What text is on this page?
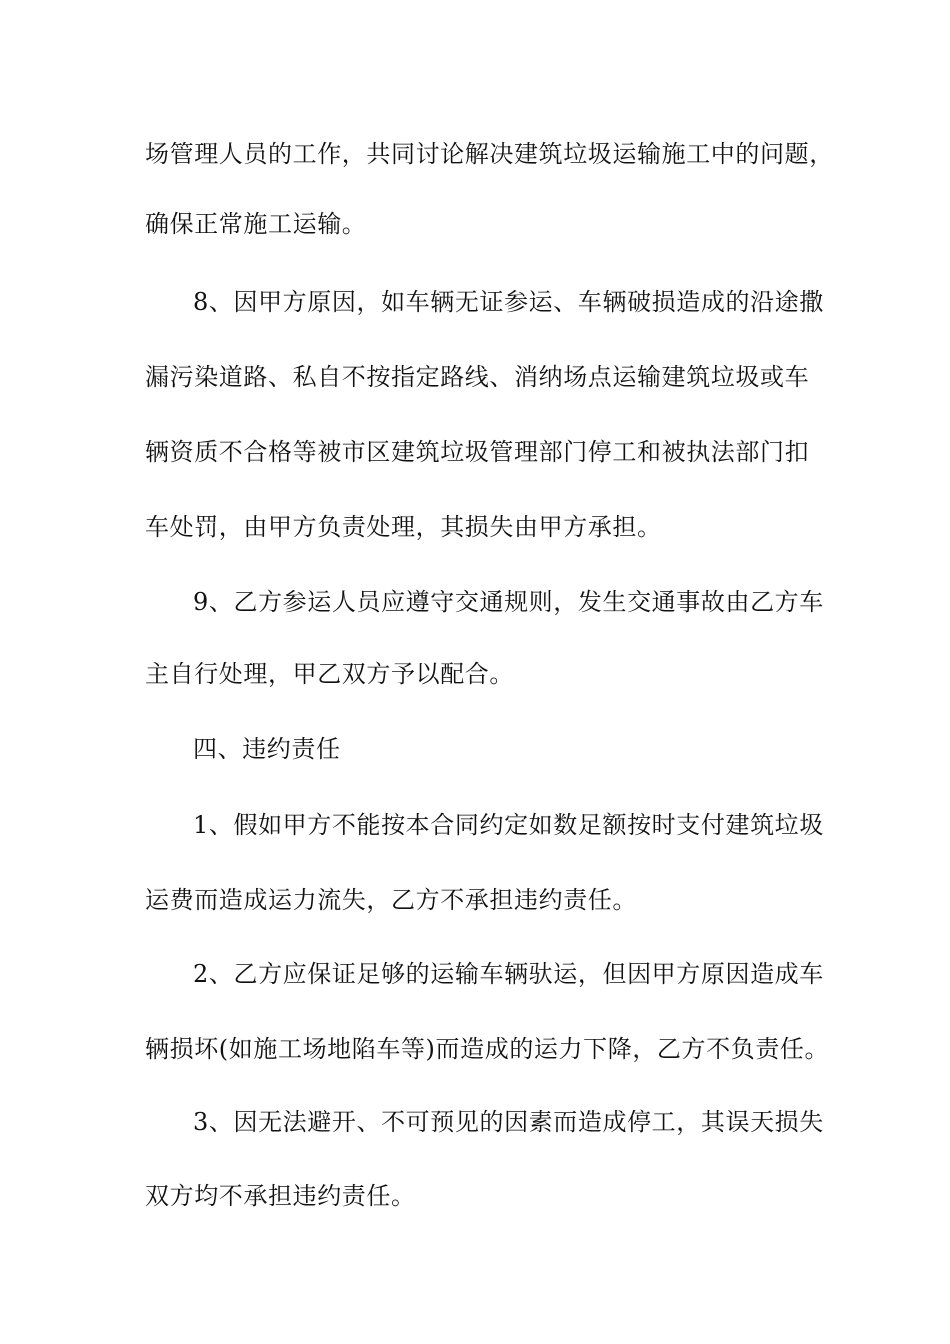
场管理人员的工作，共同讨论解决建筑垃圾运输施工中的问题，
确保正常施工运输。
8、因甲方原因，如车辆无证参运、车辆破损造成的沿途撒
漏污染道路、私自不按指定路线、消纳场点运输建筑垃圾或车
辆资质不合格等被市区建筑垃圾管理部门停工和被执法部门扣
车处罚，由甲方负责处理，其损失由甲方承担。
9、乙方参运人员应遵守交通规则，发生交通事故由乙方车
主自行处理，甲乙双方予以配合。
四、违约责任
1、假如甲方不能按本合同约定如数足额按时支付建筑垃圾
运费而造成运力流失，乙方不承担违约责任。
2、乙方应保证足够的运输车辆驮运，但因甲方原因造成车
辆损坏(如施工场地陷车等)而造成的运力下降，乙方不负责任。
3、因无法避开、不可预见的因素而造成停工，其误天损失
双方均不承担违约责任。
